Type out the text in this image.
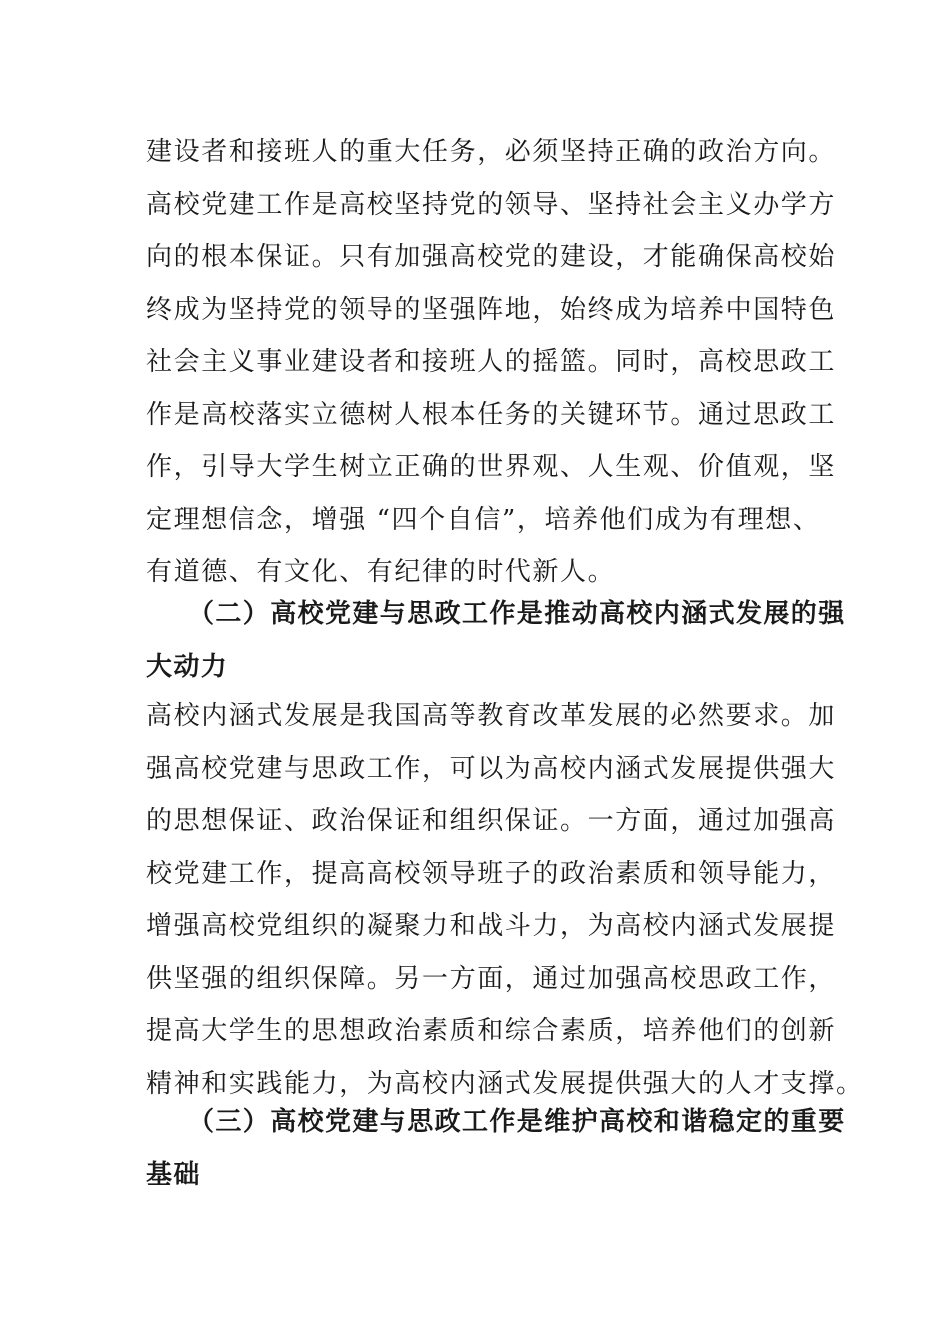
建设者和接班人的重大任务，必须坚持正确的政治方向。
高校党建工作是高校坚持党的领导、坚持社会主义办学方
向的根本保证。只有加强高校党的建设，才能确保高校始
终成为坚持党的领导的坚强阵地，始终成为培养中国特色
社会主义事业建设者和接班人的摇篮。同时，高校思政工
作是高校落实立德树人根本任务的关键环节。通过思政工
作，引导大学生树立正确的世界观、人生观、价值观，坚
定理想信念，增强 “四个自信”，培养他们成为有理想、
有道德、有文化、有纪律的时代新人。
（二）高校党建与思政工作是推动高校内涵式发展的强
大动力
高校内涵式发展是我国高等教育改革发展的必然要求。加
强高校党建与思政工作，可以为高校内涵式发展提供强大
的思想保证、政治保证和组织保证。一方面，通过加强高
校党建工作，提高高校领导班子的政治素质和领导能力，
增强高校党组织的凝聚力和战斗力，为高校内涵式发展提
供坚强的组织保障。另一方面，通过加强高校思政工作，
提高大学生的思想政治素质和综合素质，培养他们的创新
精神和实践能力，为高校内涵式发展提供强大的人才支撑。
（三）高校党建与思政工作是维护高校和谐稳定的重要
基础
